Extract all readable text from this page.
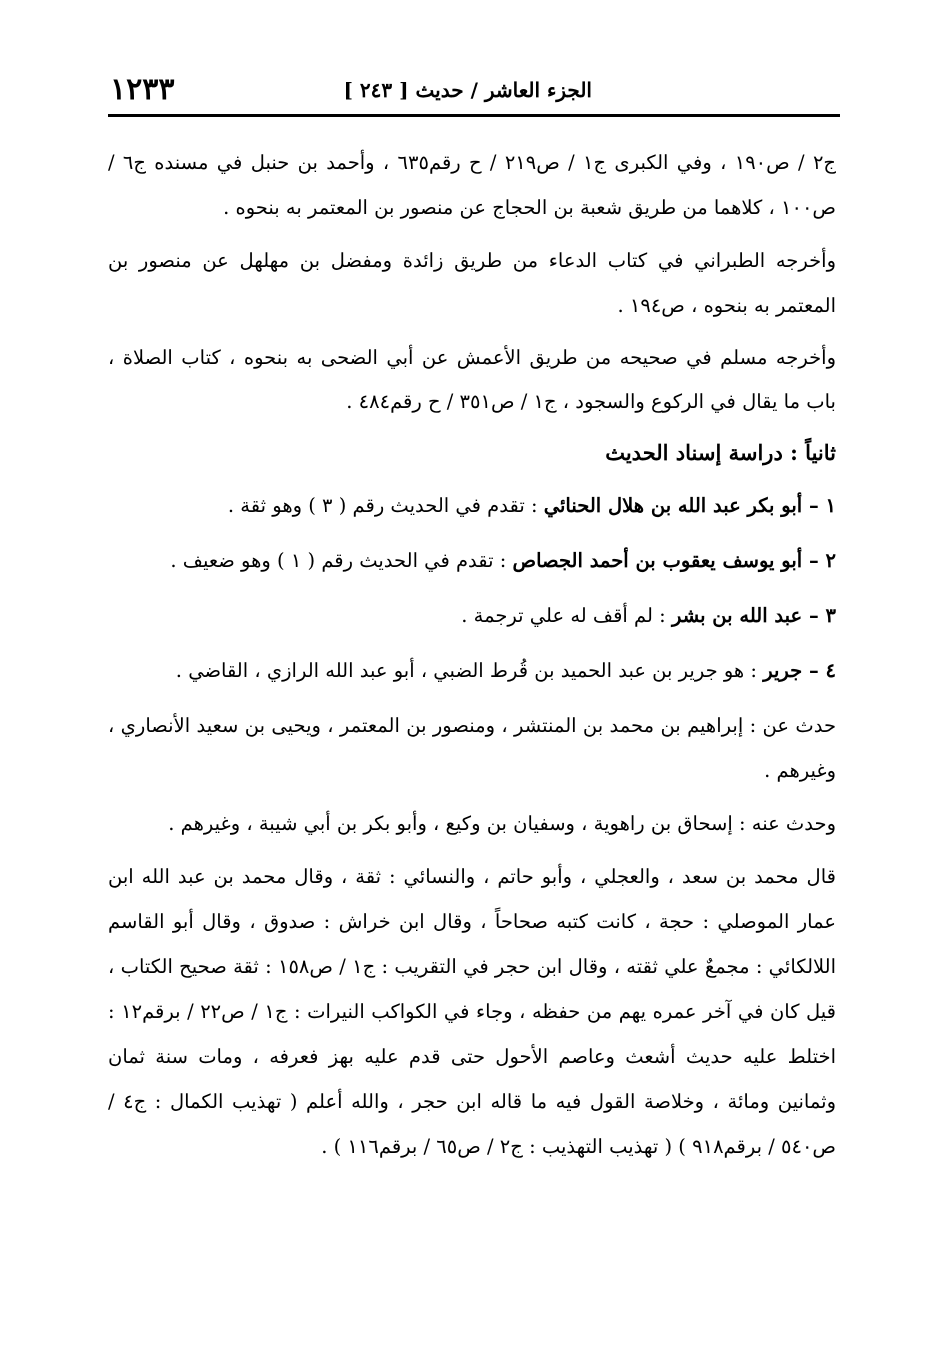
الجزء العاشر / حديث [ ٢٤٣ ]
١٢٣٣

ج٢ / ص١٩٠ ، وفي الكبرى ج١ / ص٢١٩ / ح رقم٦٣٥ ، وأحمد بن حنبل في مسنده ج٦ / ص١٠٠ ، كلاهما من طريق شعبة بن الحجاج عن منصور بن المعتمر به بنحوه .

وأخرجه الطبراني في كتاب الدعاء من طريق زائدة ومفضل بن مهلهل عن منصور بن المعتمر به بنحوه ، ص١٩٤ .

وأخرجه مسلم في صحيحه من طريق الأعمش عن أبي الضحى به بنحوه ، كتاب الصلاة ، باب ما يقال في الركوع والسجود ، ج١ / ص٣٥١ / ح رقم٤٨٤ .

ثانياً : دراسة إسناد الحديث

١ – أبو بكر عبد الله بن هلال الحنائي : تقدم في الحديث رقم ( ٣ ) وهو ثقة .

٢ – أبو يوسف يعقوب بن أحمد الجصاص : تقدم في الحديث رقم ( ١ ) وهو ضعيف .

٣ – عبد الله بن بشر : لم أقف له علي ترجمة .

٤ – جرير : هو جرير بن عبد الحميد بن قُرط الضبي ، أبو عبد الله الرازي ، القاضي .

حدث عن : إبراهيم بن محمد بن المنتشر ، ومنصور بن المعتمر ، ويحيى بن سعيد الأنصاري ، وغيرهم .

وحدث عنه : إسحاق بن راهوية ، وسفيان بن وكيع ، وأبو بكر بن أبي شيبة ، وغيرهم .

قال محمد بن سعد ، والعجلي ، وأبو حاتم ، والنسائي : ثقة ، وقال محمد بن عبد الله ابن عمار الموصلي : حجة ، كانت كتبه صحاحاً ، وقال ابن خراش : صدوق ، وقال أبو القاسم اللالكائي : مجمعٌ علي ثقته ، وقال ابن حجر في التقريب : ج١ / ص١٥٨ : ثقة صحيح الكتاب ، قيل كان في آخر عمره يهم من حفظه ، وجاء في الكواكب النيرات : ج١ / ص٢٢ / برقم١٢ : اختلط عليه حديث أشعث وعاصم الأحول حتى قدم عليه بهز فعرفه ، ومات سنة ثمان وثمانين ومائة ، وخلاصة القول فيه ما قاله ابن حجر ، والله أعلم ( تهذيب الكمال : ج٤ / ص٥٤٠ / برقم٩١٨ ) ( تهذيب التهذيب : ج٢ / ص٦٥ / برقم١١٦ ) .
